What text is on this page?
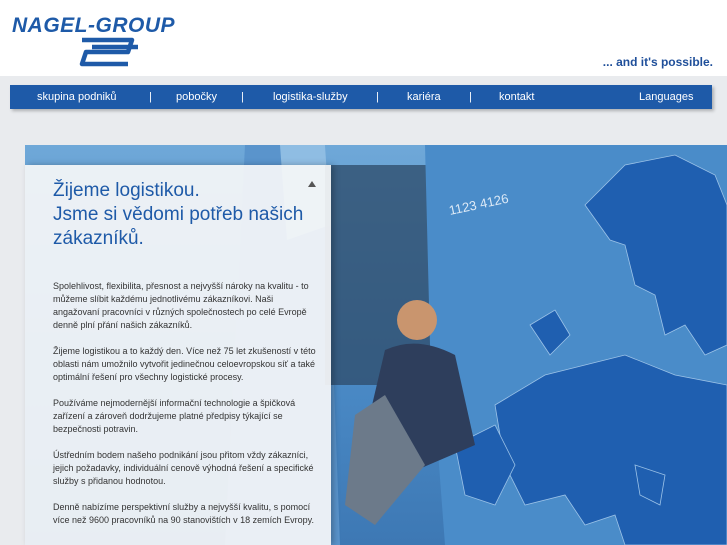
NAGEL-GROUP
... and it's possible.
skupina podniků	| pobočky |	logistika-služby	|	kariéra	| kontakt	Languages
1123 4126
Žijeme logistikou.
Jsme si vědomi potřeb našich
zákazníků.

Spolehlivost, flexibilita, přesnost a nejvyšší nároky na kvalitu - to můžeme slíbit každému jednotlivému zákazníkovi. Naši angažovaní pracovníci v různých společnostech po celé Evropě denně plní přání našich zákazníků.

Žijeme logistikou a to každý den. Více než 75 let zkušeností v této oblasti nám umožnilo vytvořit jedinečnou celoevropskou síť a také optimální řešení pro všechny logistické procesy.

Používáme nejmodernější informační technologie a špičková zařízení a zároveň dodržujeme platné předpisy týkající se bezpečnosti potravin.

Ústředním bodem našeho podnikání jsou přitom vždy zákazníci, jejich požadavky, individuální cenově výhodná řešení a specifické služby s přidanou hodnotou.

Denně nabízíme perspektivní služby a nejvyšší kvalitu, s pomocí více než 9600 pracovníků na 90 stanovištích v 18 zemích Evropy.
